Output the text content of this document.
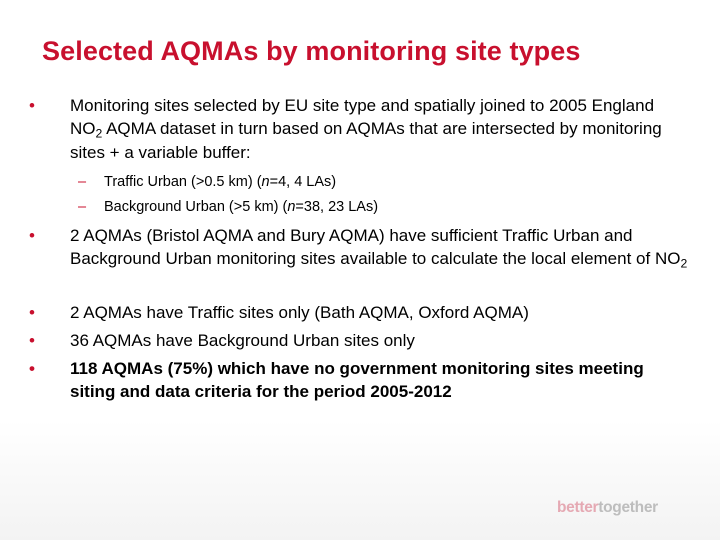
Selected AQMAs by monitoring site types
• Monitoring sites selected by EU site type and spatially joined to 2005 England $NO_2$ AQMA dataset in turn based on AQMAs that are intersected by monitoring sites + a variable buffer:
– Traffic Urban (>0.5 km) (n=4, 4 LAs)
– Background Urban (>5 km) (n=38, 23 LAs)
• 2 AQMAs (Bristol AQMA and Bury AQMA) have sufficient Traffic Urban and Background Urban monitoring sites available to calculate the local element of $NO_2$
• 2 AQMAs have Traffic sites only (Bath AQMA, Oxford AQMA)
• 36 AQMAs have Background Urban sites only
• 118 AQMAs (75%) which have no government monitoring sites meeting siting and data criteria for the period 2005-2012
bettertogether
